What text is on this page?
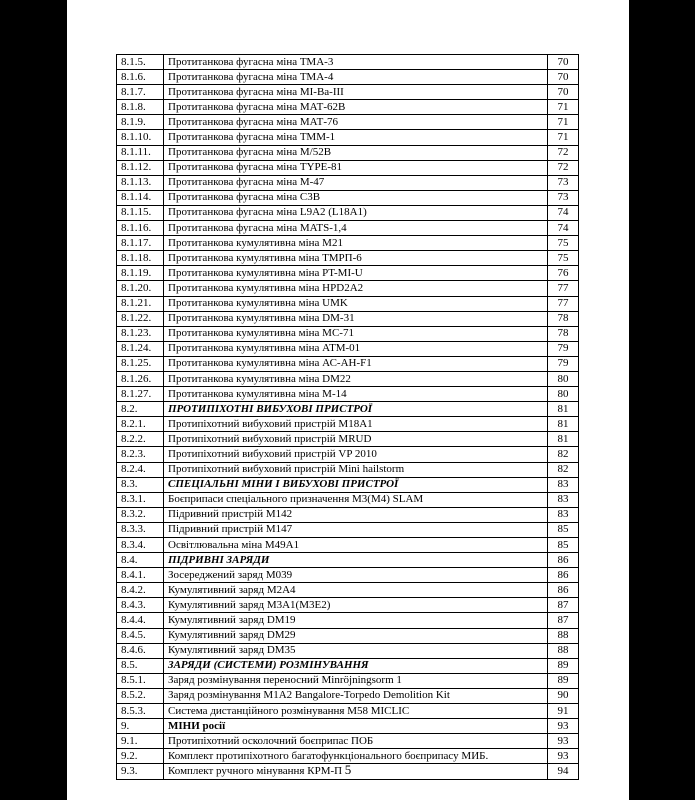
8.1.5.	Протитанкова фугасна міна ТМА-3	70
8.1.6.	Протитанкова фугасна міна ТМА-4	70
8.1.7.	Протитанкова фугасна міна MI-Ba-III	70
8.1.8.	Протитанкова фугасна міна МАТ-62В	71
8.1.9.	Протитанкова фугасна міна МАТ-76	71
8.1.10.	Протитанкова фугасна міна ТММ-1	71
8.1.11.	Протитанкова фугасна міна М/52В	72
8.1.12.	Протитанкова фугасна міна TYPE-81	72
8.1.13.	Протитанкова фугасна міна М-47	73
8.1.14.	Протитанкова фугасна міна С3В	73
8.1.15.	Протитанкова фугасна міна L9A2 (L18A1)	74
8.1.16.	Протитанкова фугасна міна MATS-1,4	74
8.1.17.	Протитанкова кумулятивна міна М21	75
8.1.18.	Протитанкова кумулятивна міна ТМРП-6	75
8.1.19.	Протитанкова кумулятивна міна PT-MI-U	76
8.1.20.	Протитанкова кумулятивна міна HPD2A2	77
8.1.21.	Протитанкова кумулятивна міна UMK	77
8.1.22.	Протитанкова кумулятивна міна DM-31	78
8.1.23.	Протитанкова кумулятивна міна МС-71	78
8.1.24.	Протитанкова кумулятивна міна АТМ-01	79
8.1.25.	Протитанкова кумулятивна міна АС-АН-F1	79
8.1.26.	Протитанкова кумулятивна міна DM22	80
8.1.27.	Протитанкова кумулятивна міна М-14	80
8.2.	ПРОТИПІХОТНІ ВИБУХОВІ ПРИСТРОЇ	81
8.2.1.	Протипіхотний вибуховий пристрій M18A1	81
8.2.2.	Протипіхотний вибуховий пристрій MRUD	81
8.2.3.	Протипіхотний вибуховий пристрій VP 2010	82
8.2.4.	Протипіхотний вибуховий пристрій Mini hailstorm	82
8.3.	СПЕЦІАЛЬНІ МІНИ І ВИБУХОВІ ПРИСТРОЇ	83
8.3.1.	Боєприпаси спеціального призначення M3(M4) SLAM	83
8.3.2.	Підривний пристрій M142	83
8.3.3.	Підривний пристрій M147	85
8.3.4.	Освітлювальна міна M49A1	85
8.4.	ПІДРИВНІ ЗАРЯДИ	86
8.4.1.	Зосереджений заряд M039	86
8.4.2.	Кумулятивний заряд М2А4	86
8.4.3.	Кумулятивний заряд М3А1(М3Е2)	87
8.4.4.	Кумулятивний заряд DM19	87
8.4.5.	Кумулятивний заряд DM29	88
8.4.6.	Кумулятивний заряд DM35	88
8.5.	ЗАРЯДИ (СИСТЕМИ) РОЗМІНУВАННЯ	89
8.5.1.	Заряд розмінування переносний Minröjningsorm 1	89
8.5.2.	Заряд розмінування M1A2 Bangalore-Torpedo Demolition Kit	90
8.5.3.	Система дистанційного розмінування M58 MICLIC	91
9.	МІНИ росії	93
9.1.	Протипіхотний осколочний боєприпас ПОБ	93
9.2.	Комплект протипіхотного багатофункціонального боєприпасу МИБ.	93
9.3.	Комплект ручного мінування КРМ-П	94
5
